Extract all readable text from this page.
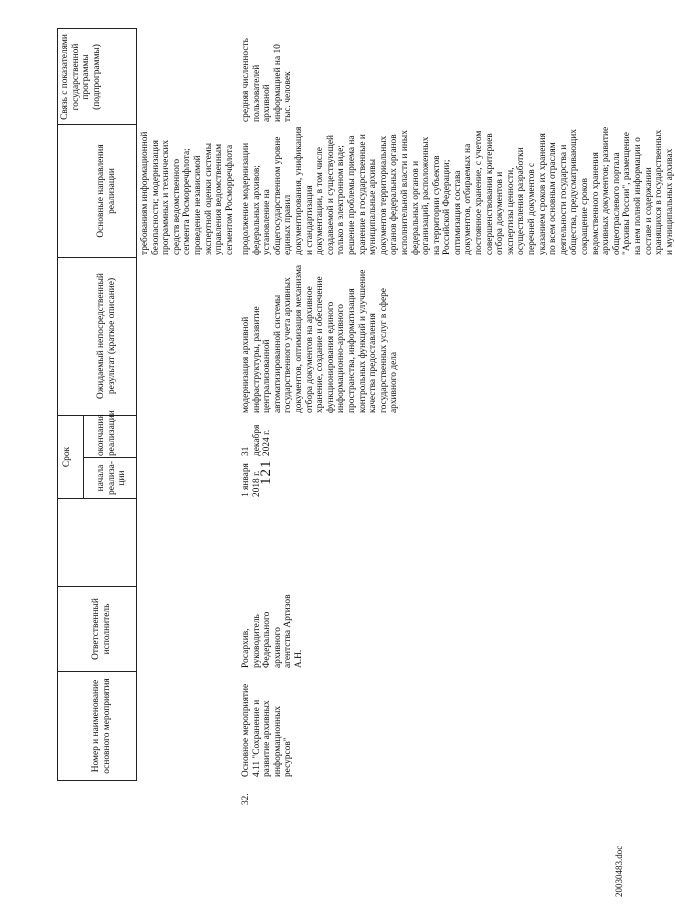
121
Номер и наименование основного мероприятия
Ответственный исполнитель
Срок
начала реализа-ции
окончания реализации
Ожидаемый непосредственный результат (краткое описание)
Основные направления реализации
Связь с показателями государственной программы (подпрограммы)
требованиям информационной безопасности; модернизация программных и технических средств ведомственного сегмента Росморречфлота; проведение независимой экспертной оценки системы управления ведомственным сегментом Росморречфлота
32.
Основное мероприятие 4.11 "Сохранение и развитие архивных информационных ресурсов"
Росархив, руководитель Федерального архивного агентства Артизов А.Н.
1 января 2018 г.
31 декабря 2024 г.
модернизация архивной инфраструктуры, развитие централизованной автоматизированной системы государственного учета архивных документов, оптимизация механизма отбора документов на архивное хранение, создание и обеспечение функционирования единого информационно-архивного пространства, информатизация контрольных функций и улучшение качества предоставления государственных услуг в сфере архивного дела
продолжение модернизации федеральных архивов; установление на общегосударственном уровне единых правил документирования, унификация и стандартизация документации, в том числе создаваемой и существующей только в электронном виде; решение проблемы приема на хранение в государственные и муниципальные архивы документов территориальных органов федеральных органов исполнительной власти и иных федеральных органов и организаций, расположенных на территории субъектов Российской Федерации; оптимизация состава документов, отбираемых на постоянное хранение, с учетом совершенствования критериев отбора документов и экспертизы ценности, осуществления разработки перечней документов с указанием сроков их хранения по всем основным отраслям деятельности государства и общества, предусматривающих сокращение сроков ведомственного хранения архивных документов; развитие общеотраслевого портала "Архивы России", размещение на нем полной информации о составе и содержании хранящихся в государственных и муниципальных архивах
средняя численность пользователей архивной информацией на 10 тыс. человек
20030483.doc
